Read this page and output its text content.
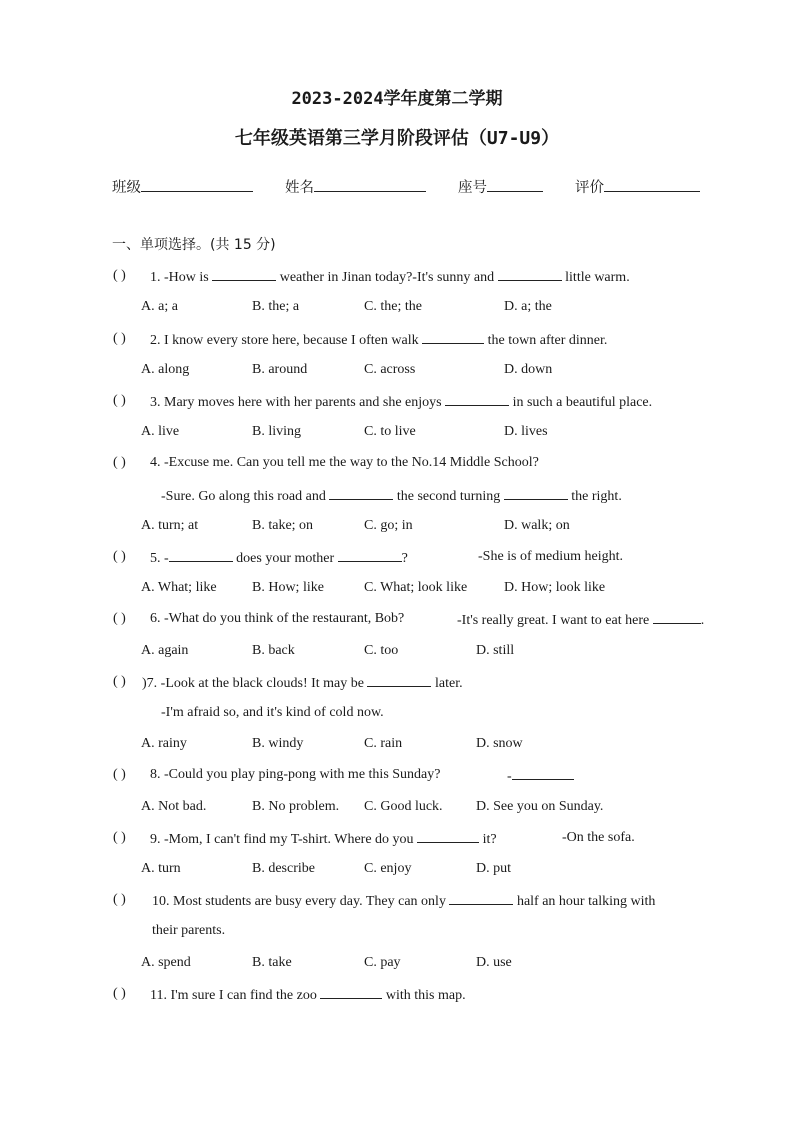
2023-2024学年度第二学期
七年级英语第三学月阶段评估（U7-U9）
班级	姓名	座号	评价
一、单项选择。(共 15 分)
( ) 1. -How is	weather in Jinan today?-It's sunny and	little warm.
A. a; a	B. the; a	C. the; the	D. a; the
( ) 2. I know every store here, because I often walk	the town after dinner.
A. along	B. around	C. across	D. down
( ) 3. Mary moves here with her parents and she enjoys	in such a beautiful place.
A. live	B. living	C. to live	D. lives
( ) 4. -Excuse me. Can you tell me the way to the No.14 Middle School?
-Sure. Go along this road and	the second turning	the right.
A. turn; at	B. take; on	C. go; in	D. walk; on
( ) 5. -	does your mother	?	-She is of medium height.
A. What; like	B. How; like	C. What; look like	D. How; look like
( ) 6. -What do you think of the restaurant, Bob?	-It's really great. I want to eat here	.
A. again	B. back	C. too	D. still
( ) )7. -Look at the black clouds! It may be	later.
-I'm afraid so, and it's kind of cold now.
A. rainy	B. windy	C. rain	D. snow
( ) 8. -Could you play ping-pong with me this Sunday?	-
A. Not bad.	B. No problem. C. Good luck. D. See you on Sunday.
( ) 9. -Mom, I can't find my T-shirt. Where do you	it?	-On the sofa.
A. turn	B. describe	C. enjoy	D. put
( ) 10. Most students are busy every day. They can only	half an hour talking with
their parents.
A. spend	B. take	C. pay	D. use
( ) 11. I'm sure I can find the zoo	with this map.
